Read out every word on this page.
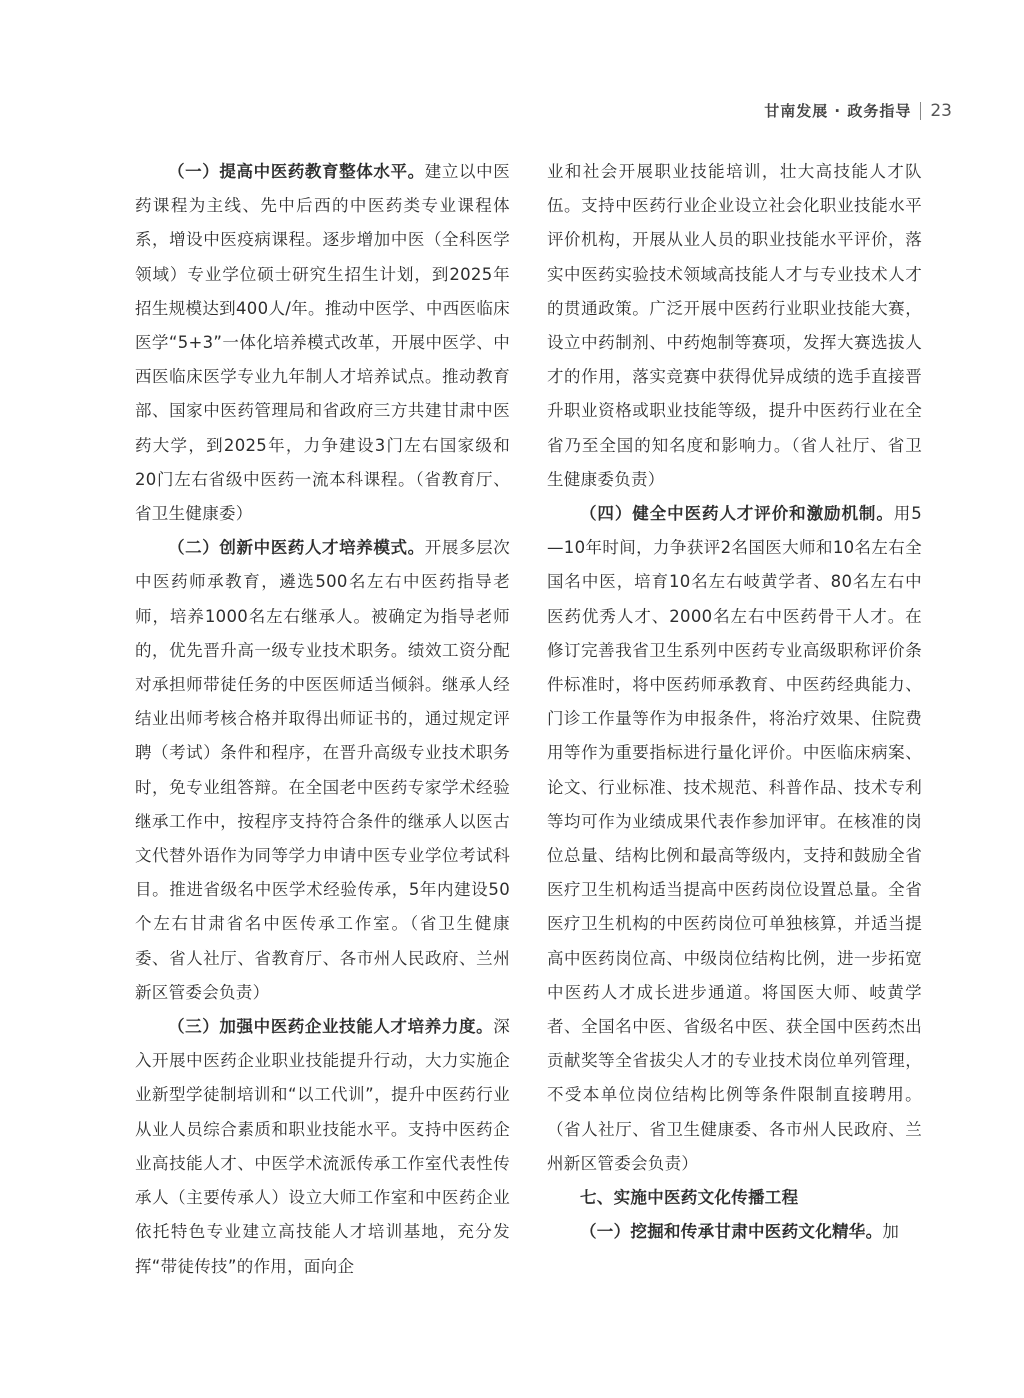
甘南发展 · 政务指导 23

（一）提高中医药教育整体水平。建立以中医药课程为主线、先中后西的中医药类专业课程体系，增设中医疫病课程。逐步增加中医（全科医学领域）专业学位硕士研究生招生计划，到2025年招生规模达到400人/年。推动中医学、中西医临床医学“5+3”一体化培养模式改革，开展中医学、中西医临床医学专业九年制人才培养试点。推动教育部、国家中医药管理局和省政府三方共建甘肃中医药大学，到2025年，力争建设3门左右国家级和20门左右省级中医药一流本科课程。（省教育厅、省卫生健康委）

（二）创新中医药人才培养模式。开展多层次中医药师承教育，遴选500名左右中医药指导老师，培养1000名左右继承人。被确定为指导老师的，优先晋升高一级专业技术职务。绩效工资分配对承担师带徒任务的中医医师适当倾斜。继承人经结业出师考核合格并取得出师证书的，通过规定评聘（考试）条件和程序，在晋升高级专业技术职务时，免专业组答辩。在全国老中医药专家学术经验继承工作中，按程序支持符合条件的继承人以医古文代替外语作为同等学力申请中医专业学位考试科目。推进省级名中医学术经验传承，5年内建设50个左右甘肃省名中医传承工作室。（省卫生健康委、省人社厅、省教育厅、各市州人民政府、兰州新区管委会负责）

（三）加强中医药企业技能人才培养力度。深入开展中医药企业职业技能提升行动，大力实施企业新型学徒制培训和“以工代训”，提升中医药行业从业人员综合素质和职业技能水平。支持中医药企业高技能人才、中医学术流派传承工作室代表性传承人（主要传承人）设立大师工作室和中医药企业依托特色专业建立高技能人才培训基地，充分发挥“带徒传技”的作用，面向企

业和社会开展职业技能培训，壮大高技能人才队伍。支持中医药行业企业设立社会化职业技能水平评价机构，开展从业人员的职业技能水平评价，落实中医药实验技术领域高技能人才与专业技术人才的贯通政策。广泛开展中医药行业职业技能大赛，设立中药制剂、中药炮制等赛项，发挥大赛选拔人才的作用，落实竞赛中获得优异成绩的选手直接晋升职业资格或职业技能等级，提升中医药行业在全省乃至全国的知名度和影响力。（省人社厅、省卫生健康委负责）

（四）健全中医药人才评价和激励机制。用5—10年时间，力争获评2名国医大师和10名左右全国名中医，培育10名左右岐黄学者、80名左右中医药优秀人才、2000名左右中医药骨干人才。在修订完善我省卫生系列中医药专业高级职称评价条件标准时，将中医药师承教育、中医药经典能力、门诊工作量等作为申报条件，将治疗效果、住院费用等作为重要指标进行量化评价。中医临床病案、论文、行业标准、技术规范、科普作品、技术专利等均可作为业绩成果代表作参加评审。在核准的岗位总量、结构比例和最高等级内，支持和鼓励全省医疗卫生机构适当提高中医药岗位设置总量。全省医疗卫生机构的中医药岗位可单独核算，并适当提高中医药岗位高、中级岗位结构比例，进一步拓宽中医药人才成长进步通道。将国医大师、岐黄学者、全国名中医、省级名中医、获全国中医药杰出贡献奖等全省拔尖人才的专业技术岗位单列管理，不受本单位岗位结构比例等条件限制直接聘用。（省人社厅、省卫生健康委、各市州人民政府、兰州新区管委会负责）

七、实施中医药文化传播工程

（一）挖掘和传承甘肃中医药文化精华。加
